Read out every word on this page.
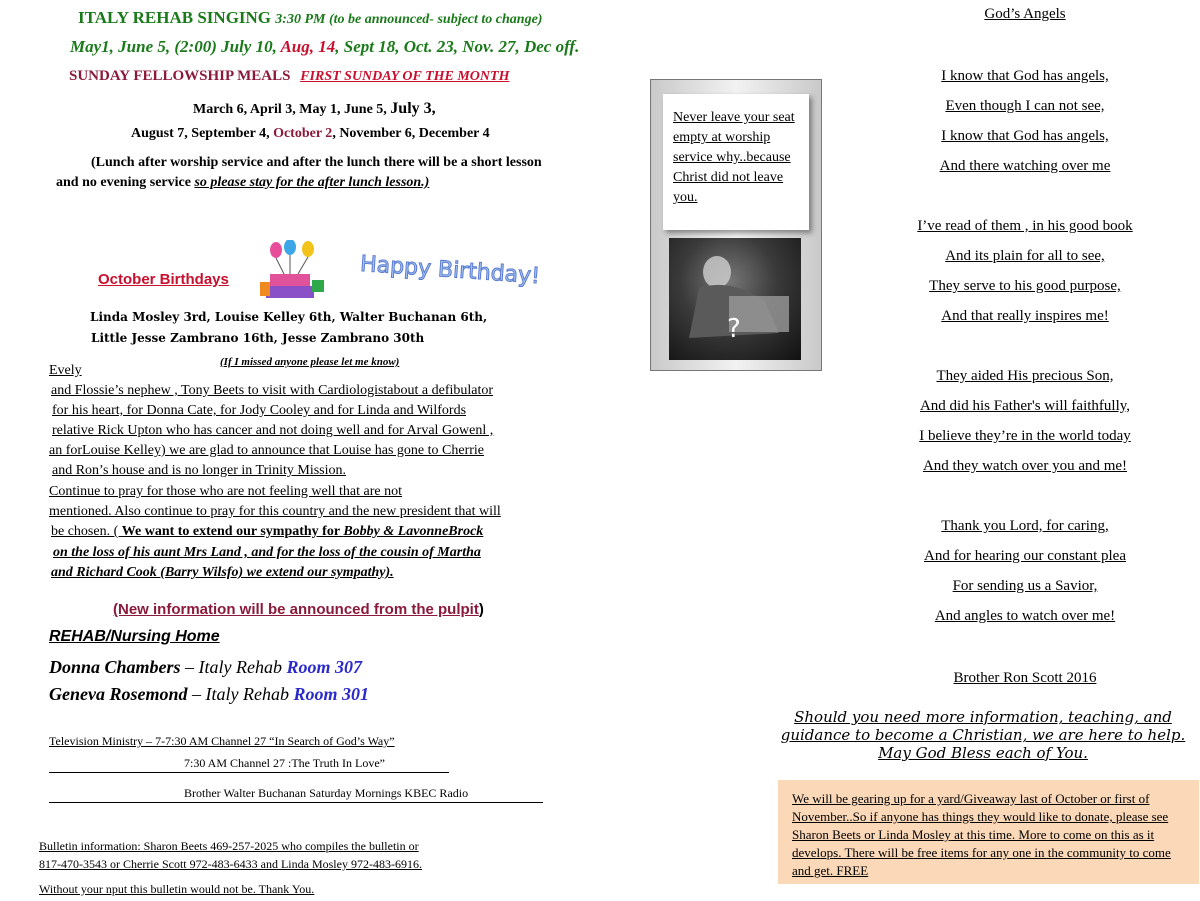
ITALY REHAB SINGING 3:30 PM (to be announced- subject to change)
May1, June 5, (2:00) July 10, Aug, 14, Sept 18, Oct. 23, Nov. 27, Dec off.
SUNDAY FELLOWSHIP MEALS FIRST SUNDAY OF THE MONTH
March 6, April 3, May 1, June 5, July 3,
August 7, September 4, October 2, November 6, December 4
(Lunch after worship service and after the lunch there will be a short lesson
and no evening service so please stay for the after lunch lesson.)
October Birthdays	Happy Birthday!
Linda Mosley 3rd, Louise Kelley 6th, Walter Buchanan 6th,
Little Jesse Zambrano 16th, Jesse Zambrano 30th
(If I missed anyone please let me know)
Evely
and Flossie’s nephew , Tony Beets to visit with Cardiologistabout a defibulator
for his heart, for Donna Cate, for Jody Cooley and for Linda and Wilfords
relative Rick Upton who has cancer and not doing well and for Arval Gowenl ,
an forLouise Kelley) we are glad to announce that Louise has gone to Cherrie
and Ron’s house and is no longer in Trinity Mission.
Continue to pray for those who are not feeling well that are not
mentioned. Also continue to pray for this country and the new president that will
be chosen. ( We want to extend our sympathy for Bobby & LavonneBrock
on the loss of his aunt Mrs Land , and for the loss of the cousin of Martha
and Richard Cook (Barry Wilsfo) we extend our sympathy).
(New information will be announced from the pulpit)
REHAB/Nursing Home
Donna Chambers – Italy Rehab Room 307
Geneva Rosemond – Italy Rehab Room 301
Television Ministry – 7-7:30 AM Channel 27 “In Search of God’s Way”
7:30 AM Channel 27 :The Truth In Love”
Brother Walter Buchanan Saturday Mornings KBEC Radio
Bulletin information: Sharon Beets 469-257-2025 who compiles the bulletin or
817-470-3543 or Cherrie Scott 972-483-6433 and Linda Mosley 972-483-6916.
Without your nput this bulletin would not be. Thank You.
Never leave your seat empty at worship service why..because Christ did not leave you.
?
God’s Angels
I know that God has angels,
Even though I can not see,
I know that God has angels,
And there watching over me
I’ve read of them , in his good book
And its plain for all to see,
They serve to his good purpose,
And that really inspires me!
They aided His precious Son,
And did his Father's will faithfully,
I believe they’re in the world today
And they watch over you and me!
Thank you Lord, for caring,
And for hearing our constant plea
For sending us a Savior,
And angles to watch over me!
Brother Ron Scott 2016
Should you need more information, teaching, and
guidance to become a Christian, we are here to help.
May God Bless each of You.

We will be gearing up for a yard/Giveaway last of October or first of November..So if anyone has things they would like to donate, please see Sharon Beets or Linda Mosley at this time. More to come on this as it develops. There will be free items for any one in the community to come and get. FREE
